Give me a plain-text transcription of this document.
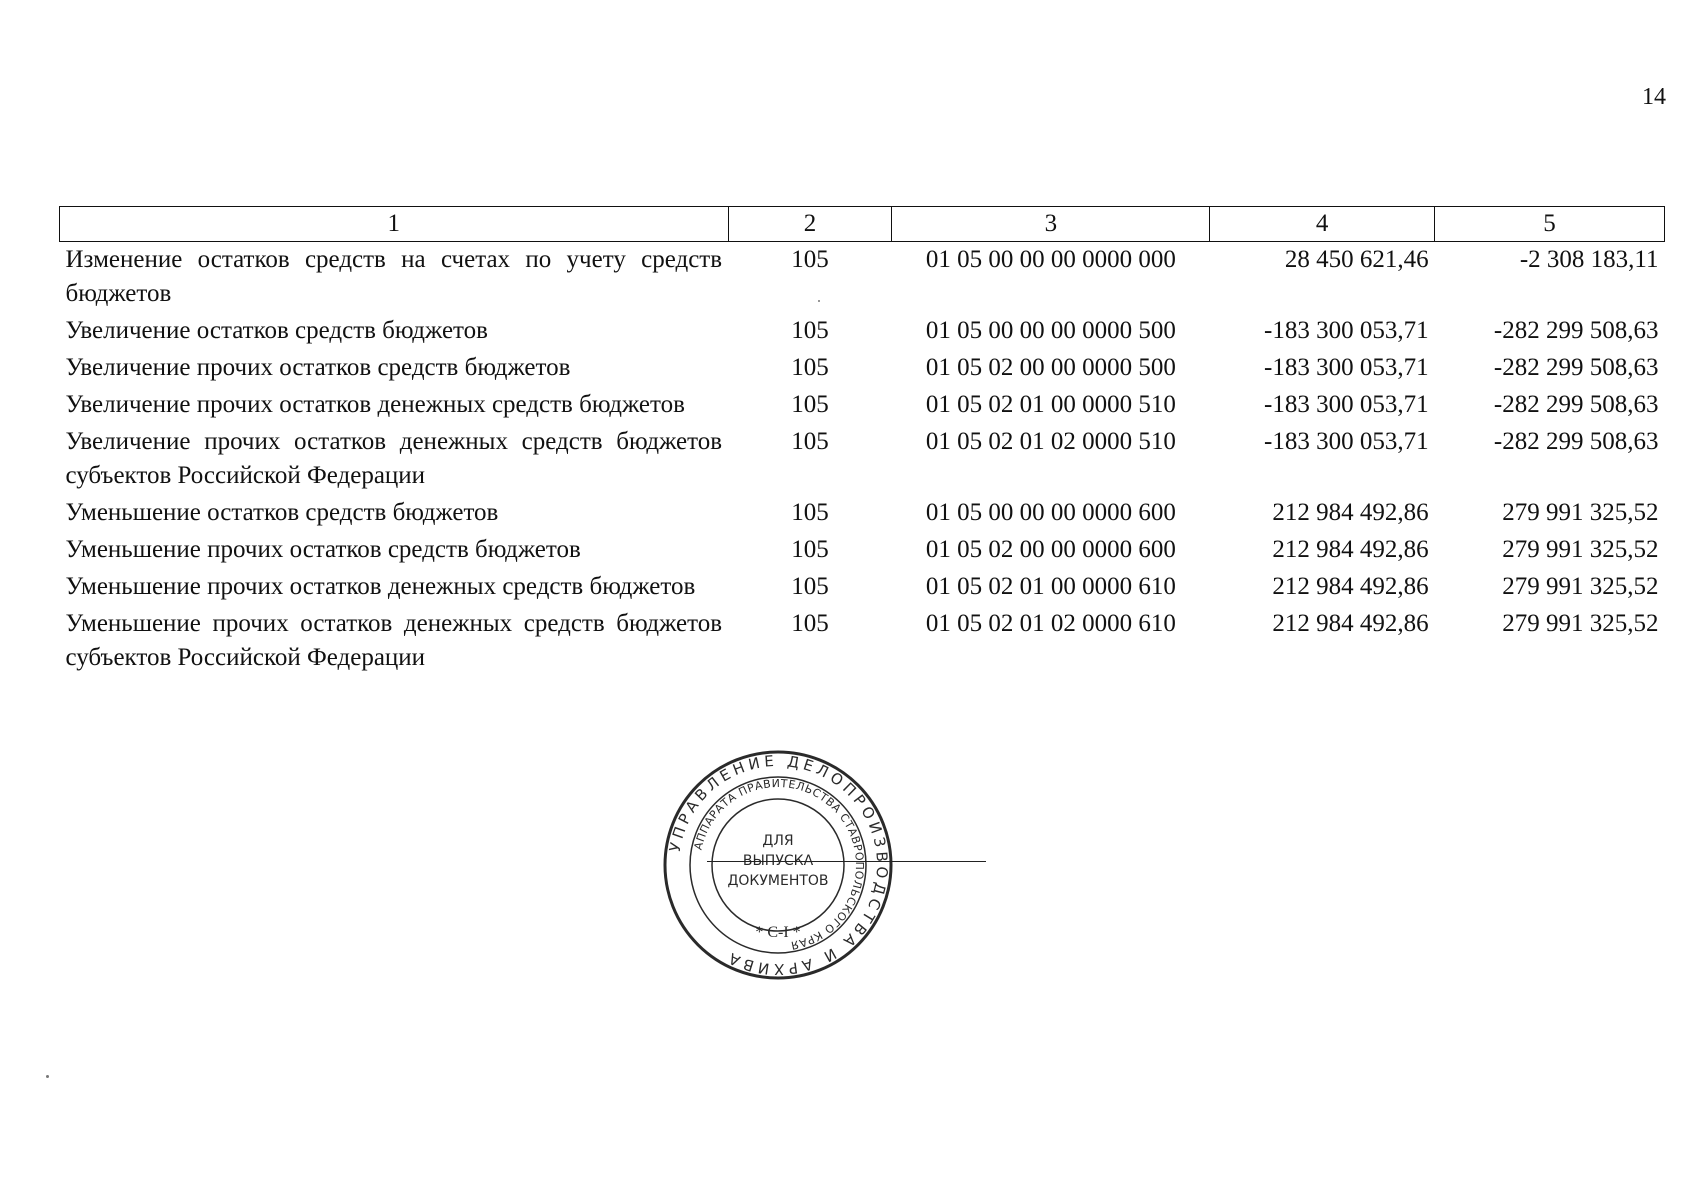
14
1	2	3	4	5
Изменение остатков средств на счетах по учету средств бюджетов	105	01 05 00 00 00 0000 000	28 450 621,46	-2 308 183,11
Увеличение остатков средств бюджетов	105	01 05 00 00 00 0000 500	-183 300 053,71	-282 299 508,63
Увеличение прочих остатков средств бюджетов	105	01 05 02 00 00 0000 500	-183 300 053,71	-282 299 508,63
Увеличение прочих остатков денежных средств бюджетов	105	01 05 02 01 00 0000 510	-183 300 053,71	-282 299 508,63
Увеличение прочих остатков денежных средств бюджетов субъектов Российской Федерации	105	01 05 02 01 02 0000 510	-183 300 053,71	-282 299 508,63
Уменьшение остатков средств бюджетов	105	01 05 00 00 00 0000 600	212 984 492,86	279 991 325,52
Уменьшение прочих остатков средств бюджетов	105	01 05 02 00 00 0000 600	212 984 492,86	279 991 325,52
Уменьшение прочих остатков денежных средств бюджетов	105	01 05 02 01 00 0000 610	212 984 492,86	279 991 325,52
Уменьшение прочих остатков денежных средств бюджетов субъектов Российской Федерации	105	01 05 02 01 02 0000 610	212 984 492,86	279 991 325,52
УПРАВЛЕНИЕ ДЕЛОПРОИЗВОДСТВА И АРХИВА
АППАРАТА ПРАВИТЕЛЬСТВА СТАВРОПОЛЬСКОГО КРАЯ
ДЛЯ
ВЫПУСКА
ДОКУМЕНТОВ
* С-I *
